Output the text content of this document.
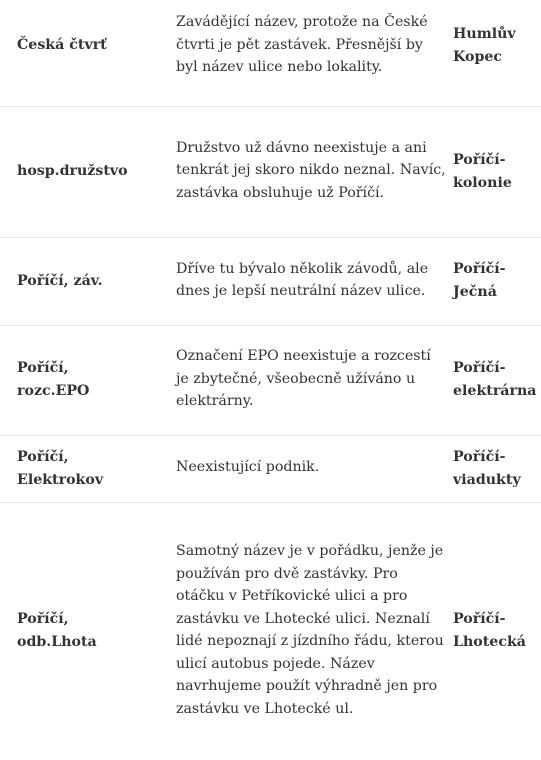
Česká čtvrť	Zavádějící název, protože na České čtvrti je pět zastávek. Přesnější by byl název ulice nebo lokality.	Humlův Kopec

hosp.družstvo	Družstvo už dávno neexistuje a ani tenkrát jej skoro nikdo neznal. Navíc, zastávka obsluhuje už Poříčí.	Poříčí-kolonie

Poříčí, záv.	Dříve tu bývalo několik závodů, ale dnes je lepší neutrální název ulice.	Poříčí-Ječná

Poříčí, rozc.EPO	Označení EPO neexistuje a rozcestí je zbytečné, všeobecně užíváno u elektrárny.	Poříčí-elektrárna

Poříčí, Elektrokov	Neexistující podnik.	Poříčí-viadukty

Poříčí, odb.Lhota	Samotný název je v pořádku, jenže je používán pro dvě zastávky. Pro otáčku v Petříkovické ulici a pro zastávku ve Lhotecké ulici. Neznalí lidé nepoznají z jízdního řádu, kterou ulicí autobus pojede. Název navrhujeme použít výhradně jen pro zastávku ve Lhotecké ul.	Poříčí-Lhotecká
